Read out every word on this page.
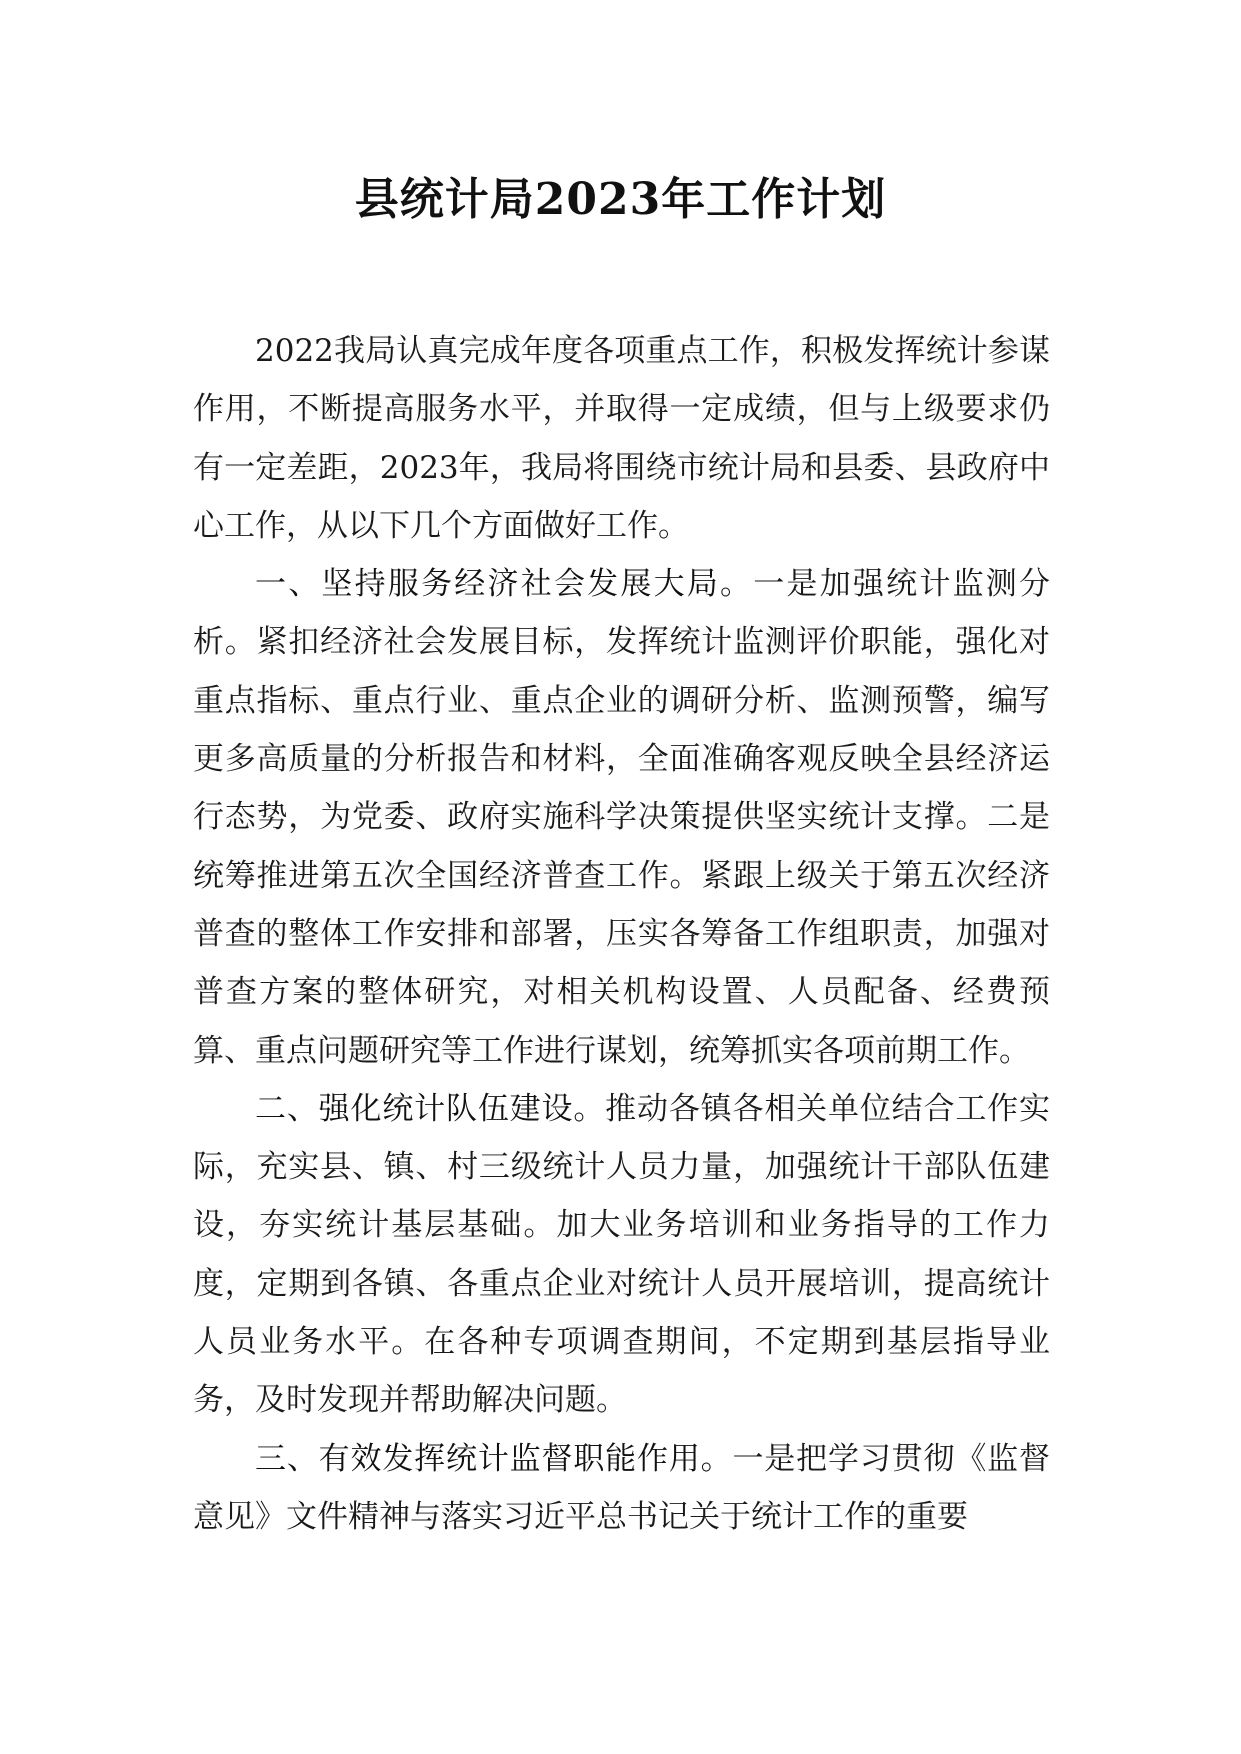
县统计局2023年工作计划

2022我局认真完成年度各项重点工作，积极发挥统计参谋作用，不断提高服务水平，并取得一定成绩，但与上级要求仍有一定差距，2023年，我局将围绕市统计局和县委、县政府中心工作，从以下几个方面做好工作。

一、坚持服务经济社会发展大局。一是加强统计监测分析。紧扣经济社会发展目标，发挥统计监测评价职能，强化对重点指标、重点行业、重点企业的调研分析、监测预警，编写更多高质量的分析报告和材料，全面准确客观反映全县经济运行态势，为党委、政府实施科学决策提供坚实统计支撑。二是统筹推进第五次全国经济普查工作。紧跟上级关于第五次经济普查的整体工作安排和部署，压实各筹备工作组职责，加强对普查方案的整体研究，对相关机构设置、人员配备、经费预算、重点问题研究等工作进行谋划，统筹抓实各项前期工作。

二、强化统计队伍建设。推动各镇各相关单位结合工作实际，充实县、镇、村三级统计人员力量，加强统计干部队伍建设，夯实统计基层基础。加大业务培训和业务指导的工作力度，定期到各镇、各重点企业对统计人员开展培训，提高统计人员业务水平。在各种专项调查期间，不定期到基层指导业务，及时发现并帮助解决问题。

三、有效发挥统计监督职能作用。一是把学习贯彻《监督意见》文件精神与落实习近平总书记关于统计工作的重要
